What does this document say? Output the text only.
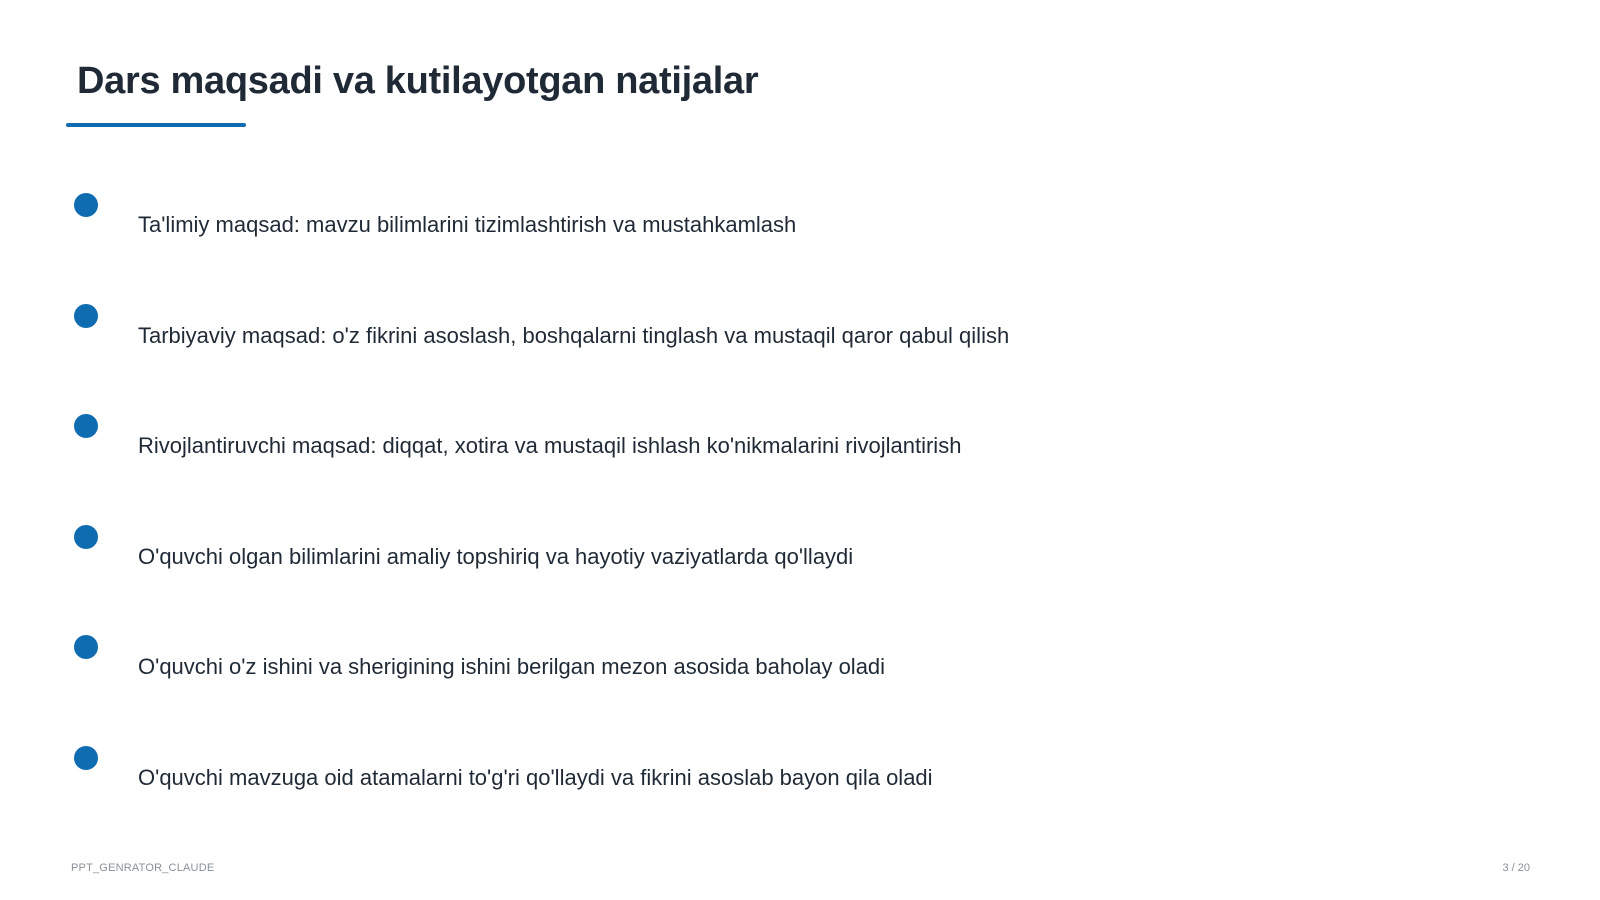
Dars maqsadi va kutilayotgan natijalar
Ta'limiy maqsad: mavzu bilimlarini tizimlashtirish va mustahkamlash
Tarbiyaviy maqsad: o'z fikrini asoslash, boshqalarni tinglash va mustaqil qaror qabul qilish
Rivojlantiruvchi maqsad: diqqat, xotira va mustaqil ishlash ko'nikmalarini rivojlantirish
O'quvchi olgan bilimlarini amaliy topshiriq va hayotiy vaziyatlarda qo'llaydi
O'quvchi o'z ishini va sherigining ishini berilgan mezon asosida baholay oladi
O'quvchi mavzuga oid atamalarni to'g'ri qo'llaydi va fikrini asoslab bayon qila oladi
PPT_GENRATOR_CLAUDE	3 / 20
